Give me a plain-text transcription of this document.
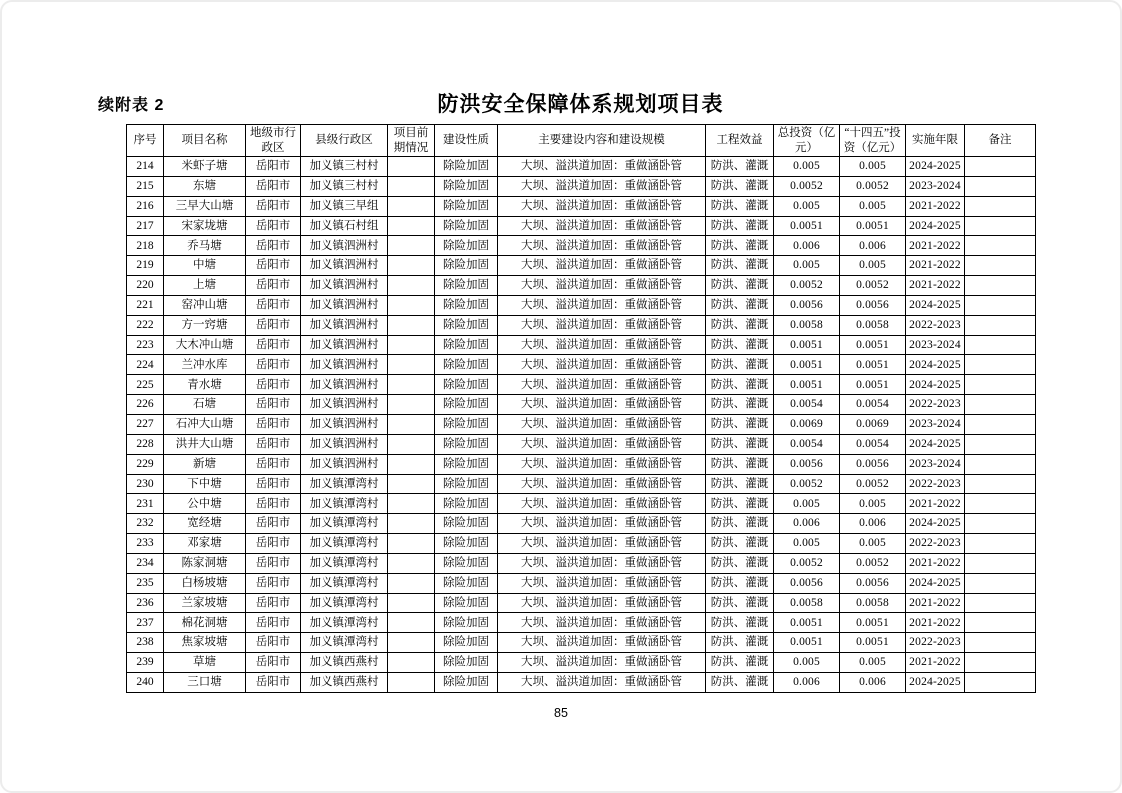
续附表 2	防洪安全保障体系规划项目表
序号	项目名称	地级市行政区	县级行政区	项目前期情况	建设性质	主要建设内容和建设规模	工程效益	总投资（亿元）	“十四五”投资（亿元）	实施年限	备注
214	米虾子塘	岳阳市	加义镇三村村		除险加固	大坝、溢洪道加固：重做涵卧管	防洪、灌溉	0.005	0.005	2024-2025	
215	东塘	岳阳市	加义镇三村村		除险加固	大坝、溢洪道加固：重做涵卧管	防洪、灌溉	0.0052	0.0052	2023-2024	
216	三早大山塘	岳阳市	加义镇三早组		除险加固	大坝、溢洪道加固：重做涵卧管	防洪、灌溉	0.005	0.005	2021-2022	
217	宋家垅塘	岳阳市	加义镇石村组		除险加固	大坝、溢洪道加固：重做涵卧管	防洪、灌溉	0.0051	0.0051	2024-2025	
218	乔马塘	岳阳市	加义镇泗洲村		除险加固	大坝、溢洪道加固：重做涵卧管	防洪、灌溉	0.006	0.006	2021-2022	
219	中塘	岳阳市	加义镇泗洲村		除险加固	大坝、溢洪道加固：重做涵卧管	防洪、灌溉	0.005	0.005	2021-2022	
220	上塘	岳阳市	加义镇泗洲村		除险加固	大坝、溢洪道加固：重做涵卧管	防洪、灌溉	0.0052	0.0052	2021-2022	
221	窑冲山塘	岳阳市	加义镇泗洲村		除险加固	大坝、溢洪道加固：重做涵卧管	防洪、灌溉	0.0056	0.0056	2024-2025	
222	方一窍塘	岳阳市	加义镇泗洲村		除险加固	大坝、溢洪道加固：重做涵卧管	防洪、灌溉	0.0058	0.0058	2022-2023	
223	大木冲山塘	岳阳市	加义镇泗洲村		除险加固	大坝、溢洪道加固：重做涵卧管	防洪、灌溉	0.0051	0.0051	2023-2024	
224	兰冲水库	岳阳市	加义镇泗洲村		除险加固	大坝、溢洪道加固：重做涵卧管	防洪、灌溉	0.0051	0.0051	2024-2025	
225	青水塘	岳阳市	加义镇泗洲村		除险加固	大坝、溢洪道加固：重做涵卧管	防洪、灌溉	0.0051	0.0051	2024-2025	
226	石塘	岳阳市	加义镇泗洲村		除险加固	大坝、溢洪道加固：重做涵卧管	防洪、灌溉	0.0054	0.0054	2022-2023	
227	石冲大山塘	岳阳市	加义镇泗洲村		除险加固	大坝、溢洪道加固：重做涵卧管	防洪、灌溉	0.0069	0.0069	2023-2024	
228	洪井大山塘	岳阳市	加义镇泗洲村		除险加固	大坝、溢洪道加固：重做涵卧管	防洪、灌溉	0.0054	0.0054	2024-2025	
229	新塘	岳阳市	加义镇泗洲村		除险加固	大坝、溢洪道加固：重做涵卧管	防洪、灌溉	0.0056	0.0056	2023-2024	
230	下中塘	岳阳市	加义镇潭湾村		除险加固	大坝、溢洪道加固：重做涵卧管	防洪、灌溉	0.0052	0.0052	2022-2023	
231	公中塘	岳阳市	加义镇潭湾村		除险加固	大坝、溢洪道加固：重做涵卧管	防洪、灌溉	0.005	0.005	2021-2022	
232	宽经塘	岳阳市	加义镇潭湾村		除险加固	大坝、溢洪道加固：重做涵卧管	防洪、灌溉	0.006	0.006	2024-2025	
233	邓家塘	岳阳市	加义镇潭湾村		除险加固	大坝、溢洪道加固：重做涵卧管	防洪、灌溉	0.005	0.005	2022-2023	
234	陈家洞塘	岳阳市	加义镇潭湾村		除险加固	大坝、溢洪道加固：重做涵卧管	防洪、灌溉	0.0052	0.0052	2021-2022	
235	白杨坡塘	岳阳市	加义镇潭湾村		除险加固	大坝、溢洪道加固：重做涵卧管	防洪、灌溉	0.0056	0.0056	2024-2025	
236	兰家坡塘	岳阳市	加义镇潭湾村		除险加固	大坝、溢洪道加固：重做涵卧管	防洪、灌溉	0.0058	0.0058	2021-2022	
237	棉花洞塘	岳阳市	加义镇潭湾村		除险加固	大坝、溢洪道加固：重做涵卧管	防洪、灌溉	0.0051	0.0051	2021-2022	
238	焦家坡塘	岳阳市	加义镇潭湾村		除险加固	大坝、溢洪道加固：重做涵卧管	防洪、灌溉	0.0051	0.0051	2022-2023	
239	草塘	岳阳市	加义镇西燕村		除险加固	大坝、溢洪道加固：重做涵卧管	防洪、灌溉	0.005	0.005	2021-2022	
240	三口塘	岳阳市	加义镇西燕村		除险加固	大坝、溢洪道加固：重做涵卧管	防洪、灌溉	0.006	0.006	2024-2025	
85
